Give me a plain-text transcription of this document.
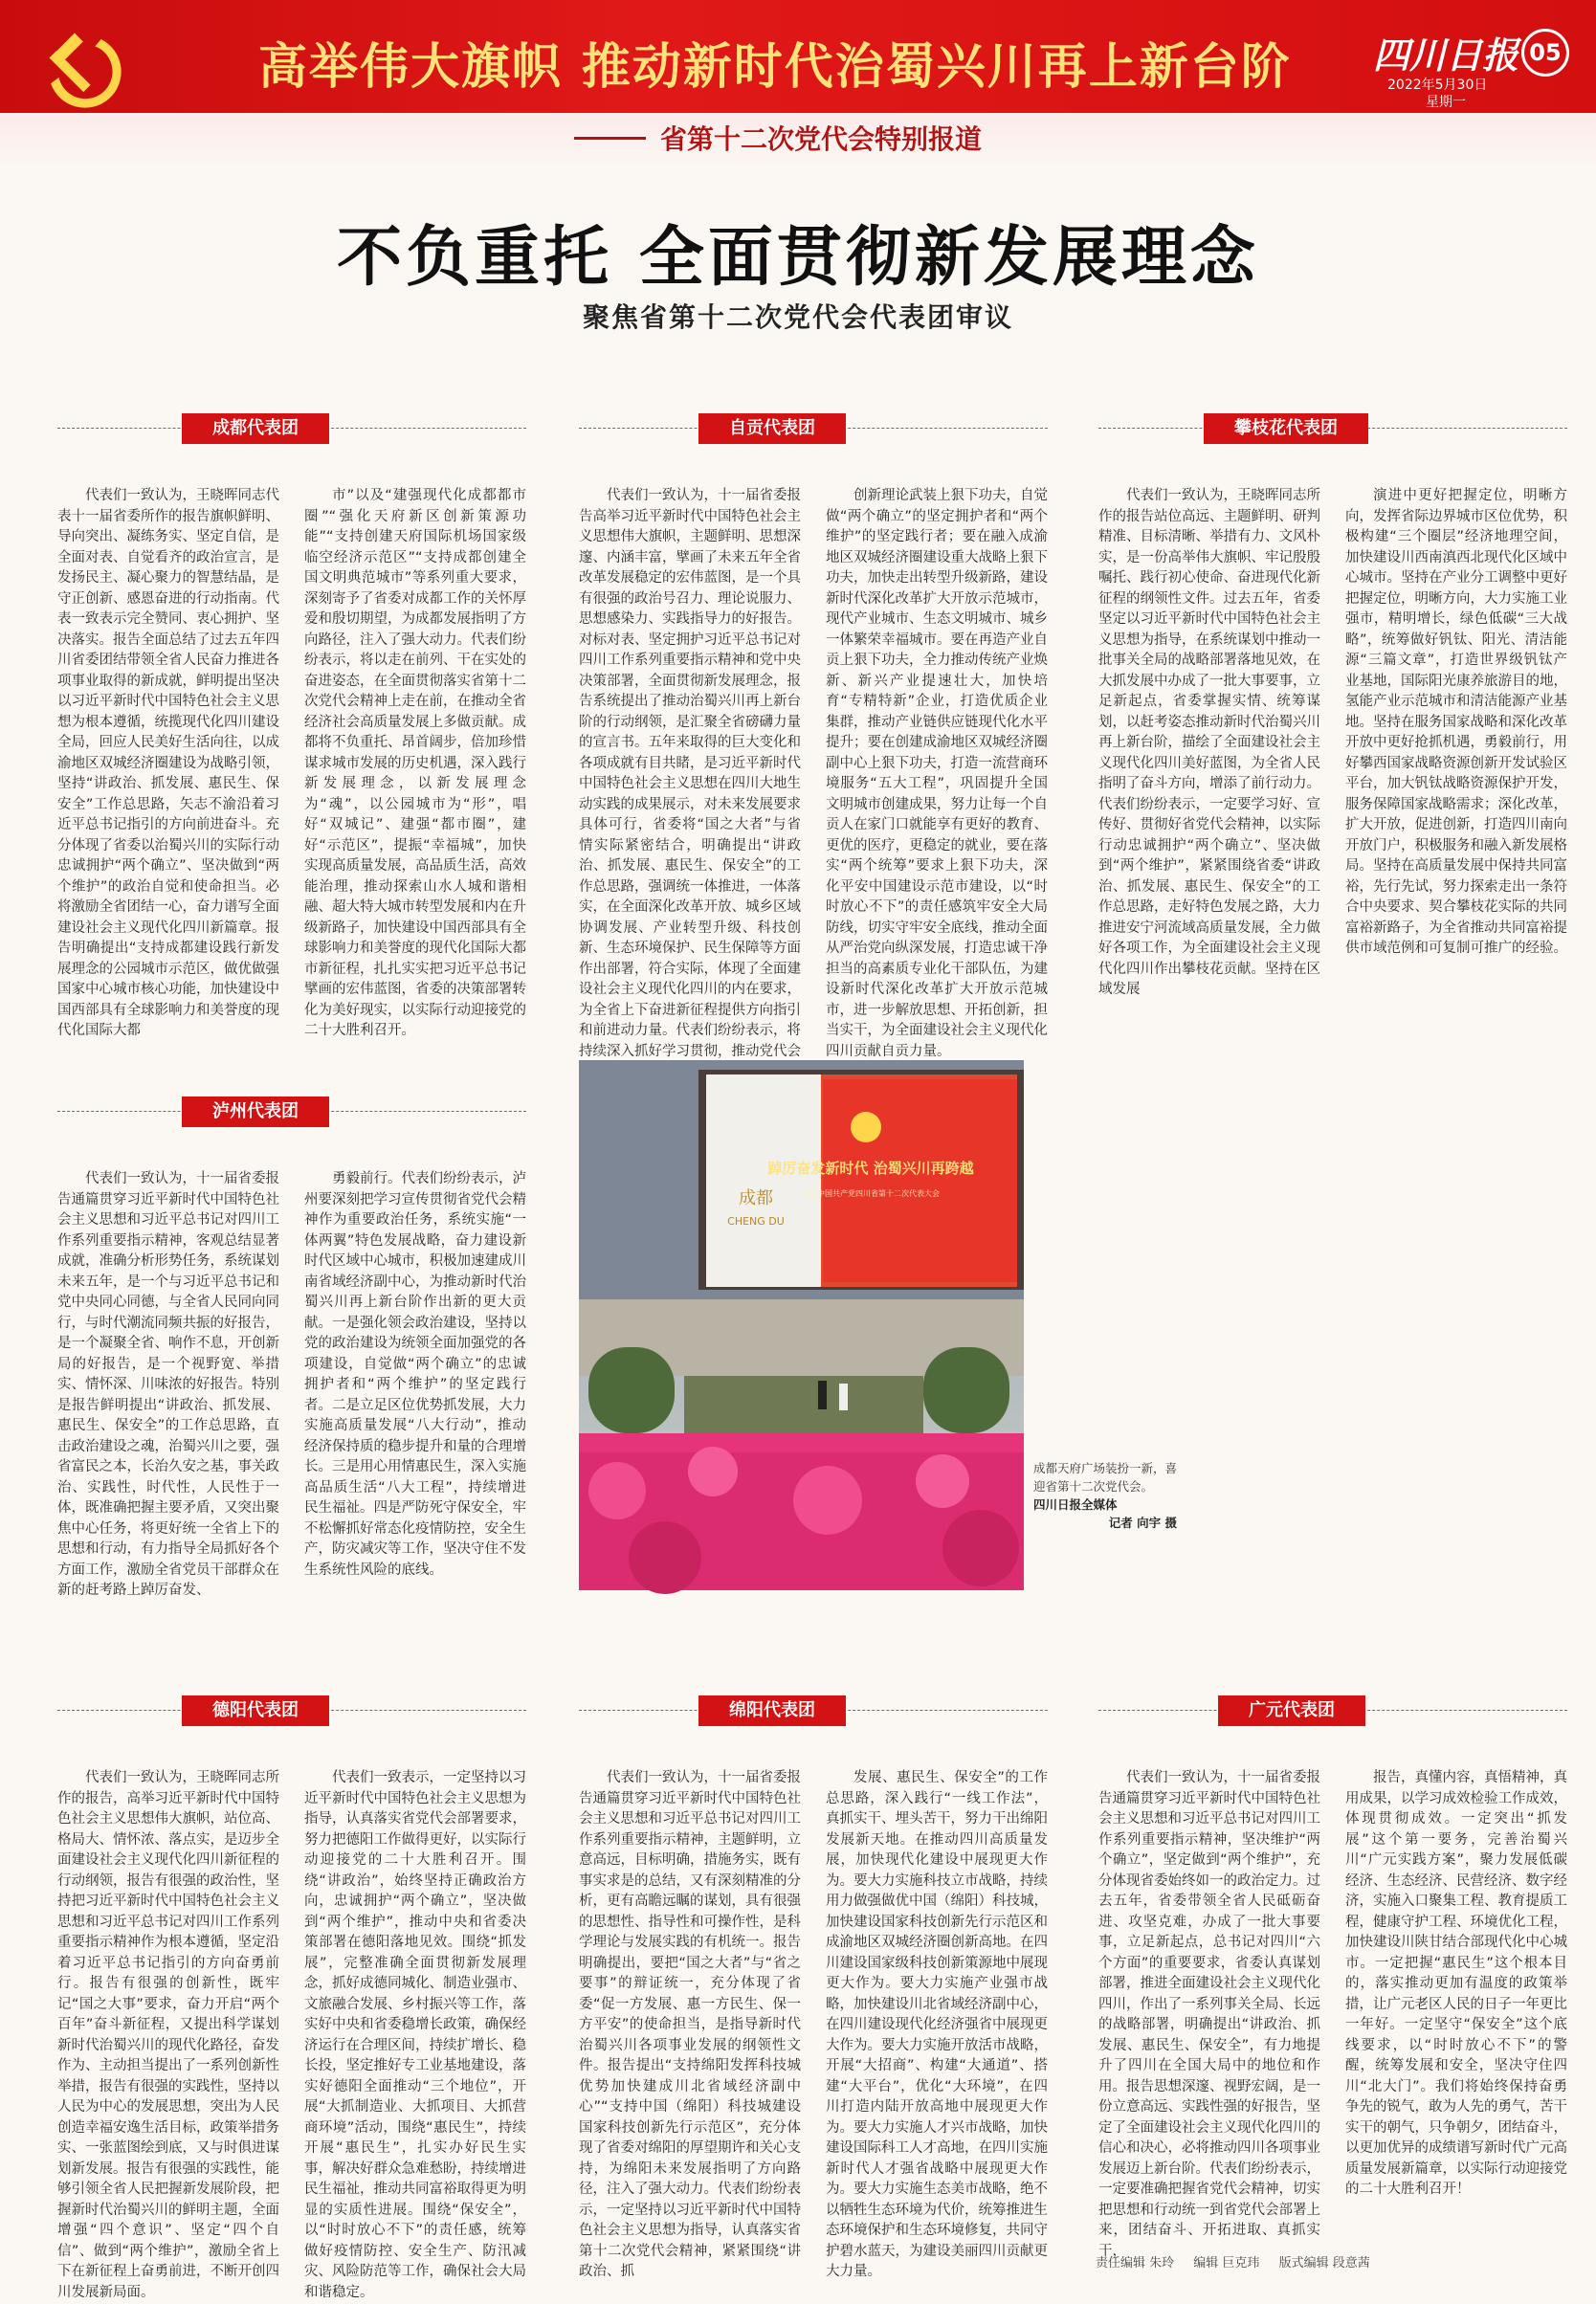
高举伟大旗帜 推动新时代治蜀兴川再上新台阶 四川日报 05
2022年5月30日
星期一
省第十二次党代会特别报道
不负重托 全面贯彻新发展理念
聚焦省第十二次党代会代表团审议
成都代表团

代表们一致认为，王晓晖同志代表十一届省委所作的报告旗帜鲜明、导向突出、凝练务实、坚定自信，是全面对表、自觉看齐的政治宣言，是发扬民主、凝心聚力的智慧结晶，是守正创新、感恩奋进的行动指南。代表一致表示完全赞同、衷心拥护、坚决落实。报告全面总结了过去五年四川省委团结带领全省人民奋力推进各项事业取得的新成就，鲜明提出坚决以习近平新时代中国特色社会主义思想为根本遵循，统揽现代化四川建设全局，回应人民美好生活向往，以成渝地区双城经济圈建设为战略引领，坚持“讲政治、抓发展、惠民生、保安全”工作总思路，矢志不渝沿着习近平总书记指引的方向前进奋斗。充分体现了省委以治蜀兴川的实际行动忠诚拥护“两个确立”、坚决做到“两个维护”的政治自觉和使命担当。必将激励全省团结一心，奋力谱写全面建设社会主义现代化四川新篇章。报告明确提出“支持成都建设践行新发展理念的公园城市示范区，做优做强国家中心城市核心功能，加快建设中国西部具有全球影响力和美誉度的现代化国际大都

市”以及“建强现代化成都都市圈”“强化天府新区创新策源功能”“支持创建天府国际机场国家级临空经济示范区”“支持成都创建全国文明典范城市”等系列重大要求，深刻寄予了省委对成都工作的关怀厚爱和殷切期望，为成都发展指明了方向路径，注入了强大动力。代表们纷纷表示，将以走在前列、干在实处的奋进姿态，在全面贯彻落实省第十二次党代会精神上走在前，在推动全省经济社会高质量发展上多做贡献。成都将不负重托、昂首阔步，倍加珍惜谋求城市发展的历史机遇，深入践行新发展理念，以新发展理念为“魂”，以公园城市为“形”，唱好“双城记”、建强“都市圈”，建好“示范区”，提振“幸福城”，加快实现高质量发展，高品质生活，高效能治理，推动探索山水人城和谐相融、超大特大城市转型发展和内在升级新路子，加快建设中国西部具有全球影响力和美誉度的现代化国际大都市新征程，扎扎实实把习近平总书记擘画的宏伟蓝图，省委的决策部署转化为美好现实，以实际行动迎接党的二十大胜利召开。

自贡代表团

代表们一致认为，十一届省委报告高举习近平新时代中国特色社会主义思想伟大旗帜，主题鲜明、思想深邃、内涵丰富，擘画了未来五年全省改革发展稳定的宏伟蓝图，是一个具有很强的政治号召力、理论说服力、思想感染力、实践指导力的好报告。对标对表、坚定拥护习近平总书记对四川工作系列重要指示精神和党中央决策部署，全面贯彻新发展理念，报告系统提出了推动治蜀兴川再上新台阶的行动纲领，是汇聚全省磅礴力量的宣言书。五年来取得的巨大变化和各项成就有目共睹，是习近平新时代中国特色社会主义思想在四川大地生动实践的成果展示，对未来发展要求具体可行，省委将“国之大者”与省情实际紧密结合，明确提出“讲政治、抓发展、惠民生、保安全”的工作总思路，强调统一体推进，一体落实，在全面深化改革开放、城乡区域协调发展、产业转型升级、科技创新、生态环境保护、民生保障等方面作出部署，符合实际，体现了全面建设社会主义现代化四川的内在要求，为全省上下奋进新征程提供方向指引和前进动力量。代表们纷纷表示，将持续深入抓好学习贯彻，推动党代会

创新理论武装上狠下功夫，自觉做“两个确立”的坚定拥护者和“两个维护”的坚定践行者；要在融入成渝地区双城经济圈建设重大战略上狠下功夫，加快走出转型升级新路，建设新时代深化改革扩大开放示范城市，现代产业城市、生态文明城市、城乡一体繁荣幸福城市。要在再造产业自贡上狠下功夫，全力推动传统产业焕新、新兴产业提速壮大，加快培育“专精特新”企业，打造优质企业集群，推动产业链供应链现代化水平提升；要在创建成渝地区双城经济圈副中心上狠下功夫，打造一流营商环境服务“五大工程”，巩固提升全国文明城市创建成果，努力让每一个自贡人在家门口就能享有更好的教育、更优的医疗，更稳定的就业，要在落实“两个统筹”要求上狠下功夫，深化平安中国建设示范市建设，以“时时放心不下”的责任感筑牢安全大局防线，切实守牢安全底线，推动全面从严治党向纵深发展，打造忠诚干净担当的高素质专业化干部队伍，为建设新时代深化改革扩大开放示范城市，进一步解放思想、开拓创新，担当实干，为全面建设社会主义现代化四川贡献自贡力量。

攀枝花代表团

代表们一致认为，王晓晖同志所作的报告站位高远、主题鲜明、研判精准、目标清晰、举措有力、文风朴实，是一份高举伟大旗帜、牢记殷殷嘱托、践行初心使命、奋进现代化新征程的纲领性文件。过去五年，省委坚定以习近平新时代中国特色社会主义思想为指导，在系统谋划中推动一批事关全局的战略部署落地见效，在大抓发展中办成了一批大事要事，立足新起点，省委掌握实情、统筹谋划，以赶考姿态推动新时代治蜀兴川再上新台阶，描绘了全面建设社会主义现代化四川美好蓝图，为全省人民指明了奋斗方向，增添了前行动力。代表们纷纷表示，一定要学习好、宣传好、贯彻好省党代会精神，以实际行动忠诚拥护“两个确立”、坚决做到“两个维护”，紧紧围绕省委“讲政治、抓发展、惠民生、保安全”的工作总思路，走好特色发展之路，大力推进安宁河流域高质量发展，全力做好各项工作，为全面建设社会主义现代化四川作出攀枝花贡献。坚持在区域发展

演进中更好把握定位，明晰方向，发挥省际边界城市区位优势，积极构建“三个圈层”经济地理空间，加快建设川西南滇西北现代化区域中心城市。坚持在产业分工调整中更好把握定位，明晰方向，大力实施工业强市，精明增长，绿色低碳“三大战略”，统筹做好钒钛、阳光、清洁能源“三篇文章”，打造世界级钒钛产业基地，国际阳光康养旅游目的地，氢能产业示范城市和清洁能源产业基地。坚持在服务国家战略和深化改革开放中更好抢抓机遇，勇毅前行，用好攀西国家战略资源创新开发试验区平台，加大钒钛战略资源保护开发，服务保障国家战略需求；深化改革，扩大开放，促进创新，打造四川南向开放门户，积极服务和融入新发展格局。坚持在高质量发展中保持共同富裕，先行先试，努力探索走出一条符合中央要求、契合攀枝花实际的共同富裕新路子，为全省推动共同富裕提供市域范例和可复制可推广的经验。

泸州代表团

代表们一致认为，十一届省委报告通篇贯穿习近平新时代中国特色社会主义思想和习近平总书记对四川工作系列重要指示精神，客观总结显著成就，准确分析形势任务，系统谋划未来五年，是一个与习近平总书记和党中央同心同德，与全省人民同向同行，与时代潮流同频共振的好报告，是一个凝聚全省、响作不息，开创新局的好报告，是一个视野宽、举措实、情怀深、川味浓的好报告。特别是报告鲜明提出“讲政治、抓发展、惠民生、保安全”的工作总思路，直击政治建设之魂，治蜀兴川之要，强省富民之本，长治久安之基，事关政治、实践性，时代性，人民性于一体，既准确把握主要矛盾，又突出聚焦中心任务，将更好统一全省上下的思想和行动，有力指导全局抓好各个方面工作，激励全省党员干部群众在新的赶考路上踔厉奋发、

勇毅前行。代表们纷纷表示，泸州要深刻把学习宣传贯彻省党代会精神作为重要政治任务，系统实施“一体两翼”特色发展战略，奋力建设新时代区域中心城市，积极加速建成川南省域经济副中心，为推动新时代治蜀兴川再上新台阶作出新的更大贡献。一是强化领会政治建设，坚持以党的政治建设为统领全面加强党的各项建设，自觉做“两个确立”的忠诚拥护者和“两个维护”的坚定践行者。二是立足区位优势抓发展，大力实施高质量发展“八大行动”，推动经济保持质的稳步提升和量的合理增长。三是用心用情惠民生，深入实施高品质生活“八大工程”，持续增进民生福祉。四是严防死守保安全，牢不松懈抓好常态化疫情防控，安全生产，防灾减灾等工作，坚决守住不发生系统性风险的底线。

成都
CHENG DU
踔厉奋发新时代 治蜀兴川再跨越
喜迎中国共产党四川省第十二次代表大会
成都天府广场装扮一新，喜迎省第十二次党代会。
四川日报全媒体
记者 向宇 摄
德阳代表团

代表们一致认为，王晓晖同志所作的报告，高举习近平新时代中国特色社会主义思想伟大旗帜，站位高、格局大、情怀浓、落点实，是迈步全面建设社会主义现代化四川新征程的行动纲领，报告有很强的政治性，坚持把习近平新时代中国特色社会主义思想和习近平总书记对四川工作系列重要指示精神作为根本遵循，坚定沿着习近平总书记指引的方向奋勇前行。报告有很强的创新性，既牢记“国之大事”要求，奋力开启“两个百年”奋斗新征程，又提出科学谋划新时代治蜀兴川的现代化路径，奋发作为、主动担当提出了一系列创新性举措，报告有很强的实践性，坚持以人民为中心的发展思想，突出为人民创造幸福安逸生活目标，政策举措务实、一张蓝图绘到底，又与时俱进谋划新发展。报告有很强的实践性，能够引领全省人民把握新发展阶段，把握新时代治蜀兴川的鲜明主题，全面增强“四个意识”、坚定“四个自信”、做到“两个维护”，激励全省上下在新征程上奋勇前进，不断开创四川发展新局面。

代表们一致表示，一定坚持以习近平新时代中国特色社会主义思想为指导，认真落实省党代会部署要求，努力把德阳工作做得更好，以实际行动迎接党的二十大胜利召开。围绕“讲政治”，始终坚持正确政治方向，忠诚拥护“两个确立”，坚决做到“两个维护”，推动中央和省委决策部署在德阳落地见效。围绕“抓发展”，完整准确全面贯彻新发展理念，抓好成德同城化、制造业强市、文旅融合发展、乡村振兴等工作，落实好中央和省委稳增长政策，确保经济运行在合理区间，持续扩增长、稳长投，坚定推好专工业基地建设，落实好德阳全面推动“三个地位”，开展“大抓制造业、大抓项目、大抓营商环境”活动，围绕“惠民生”，持续开展“惠民生”，扎实办好民生实事，解决好群众急难愁盼，持续增进民生福祉，推动共同富裕取得更为明显的实质性进展。围绕“保安全”，以“时时放心不下”的责任感，统筹做好疫情防控、安全生产、防汛减灾、风险防范等工作，确保社会大局和谐稳定。

绵阳代表团

代表们一致认为，十一届省委报告通篇贯穿习近平新时代中国特色社会主义思想和习近平总书记对四川工作系列重要指示精神，主题鲜明，立意高远，目标明确，措施务实，既有事实求是的总结，又有深刻精准的分析，更有高瞻远瞩的谋划，具有很强的思想性、指导性和可操作性，是科学理论与发展实践的有机统一。报告明确提出，要把“国之大者”与“省之要事”的辩证统一，充分体现了省委“促一方发展、惠一方民生、保一方平安”的使命担当，是指导新时代治蜀兴川各项事业发展的纲领性文件。报告提出“支持绵阳发挥科技城优势加快建成川北省域经济副中心”“支持中国（绵阳）科技城建设国家科技创新先行示范区”，充分体现了省委对绵阳的厚望期许和关心支持，为绵阳未来发展指明了方向路径，注入了强大动力。代表们纷纷表示，一定坚持以习近平新时代中国特色社会主义思想为指导，认真落实省第十二次党代会精神，紧紧围绕“讲政治、抓

发展、惠民生、保安全”的工作总思路，深入践行“一线工作法”，真抓实干、埋头苦干，努力干出绵阳发展新天地。在推动四川高质量发展，加快现代化建设中展现更大作为。要大力实施科技立市战略，持续用力做强做优中国（绵阳）科技城，加快建设国家科技创新先行示范区和成渝地区双城经济圈创新高地。在四川建设国家级科技创新策源地中展现更大作为。要大力实施产业强市战略，加快建设川北省域经济副中心，在四川建设现代化经济强省中展现更大作为。要大力实施开放活市战略，开展“大招商”、构建“大通道”、搭建“大平台”，优化“大环境”，在四川打造内陆开放高地中展现更大作为。要大力实施人才兴市战略，加快建设国际科工人才高地，在四川实施新时代人才强省战略中展现更大作为。要大力实施生态美市战略，绝不以牺牲生态环境为代价，统筹推进生态环境保护和生态环境修复，共同守护碧水蓝天，为建设美丽四川贡献更大力量。

广元代表团

代表们一致认为，十一届省委报告通篇贯穿习近平新时代中国特色社会主义思想和习近平总书记对四川工作系列重要指示精神，坚决维护“两个确立”，坚定做到“两个维护”，充分体现省委始终如一的政治定力。过去五年，省委带领全省人民砥砺奋进、攻坚克难，办成了一批大事要事，立足新起点，总书记对四川“六个方面”的重要要求，省委认真谋划部署，推进全面建设社会主义现代化四川，作出了一系列事关全局、长远的战略部署，明确提出“讲政治、抓发展、惠民生、保安全”，有力地提升了四川在全国大局中的地位和作用。报告思想深邃、视野宏阔，是一份立意高远、实践性强的好报告，坚定了全面建设社会主义现代化四川的信心和决心，必将推动四川各项事业发展迈上新台阶。代表们纷纷表示，一定要准确把握省党代会精神，切实把思想和行动统一到省党代会部署上来，团结奋斗、开拓进取、真抓实干，

报告，真懂内容，真悟精神，真用成果，以学习成效检验工作成效，体现贯彻成效。一定突出“抓发展”这个第一要务，完善治蜀兴川“广元实践方案”，聚力发展低碳经济、生态经济、民营经济、数字经济，实施入口聚集工程、教育提质工程，健康守护工程、环境优化工程，加快建设川陕甘结合部现代化中心城市。一定把握“惠民生”这个根本目的，落实推动更加有温度的政策举措，让广元老区人民的日子一年更比一年好。一定坚守“保安全”这个底线要求，以“时时放心不下”的警醒，统筹发展和安全，坚决守住四川“北大门”。我们将始终保持奋勇争先的锐气，敢为人先的勇气，苦干实干的朝气，只争朝夕，团结奋斗，以更加优异的成绩谱写新时代广元高质量发展新篇章，以实际行动迎接党的二十大胜利召开！

责任编辑 朱玲 编辑 巨克玮 版式编辑 段意茜
